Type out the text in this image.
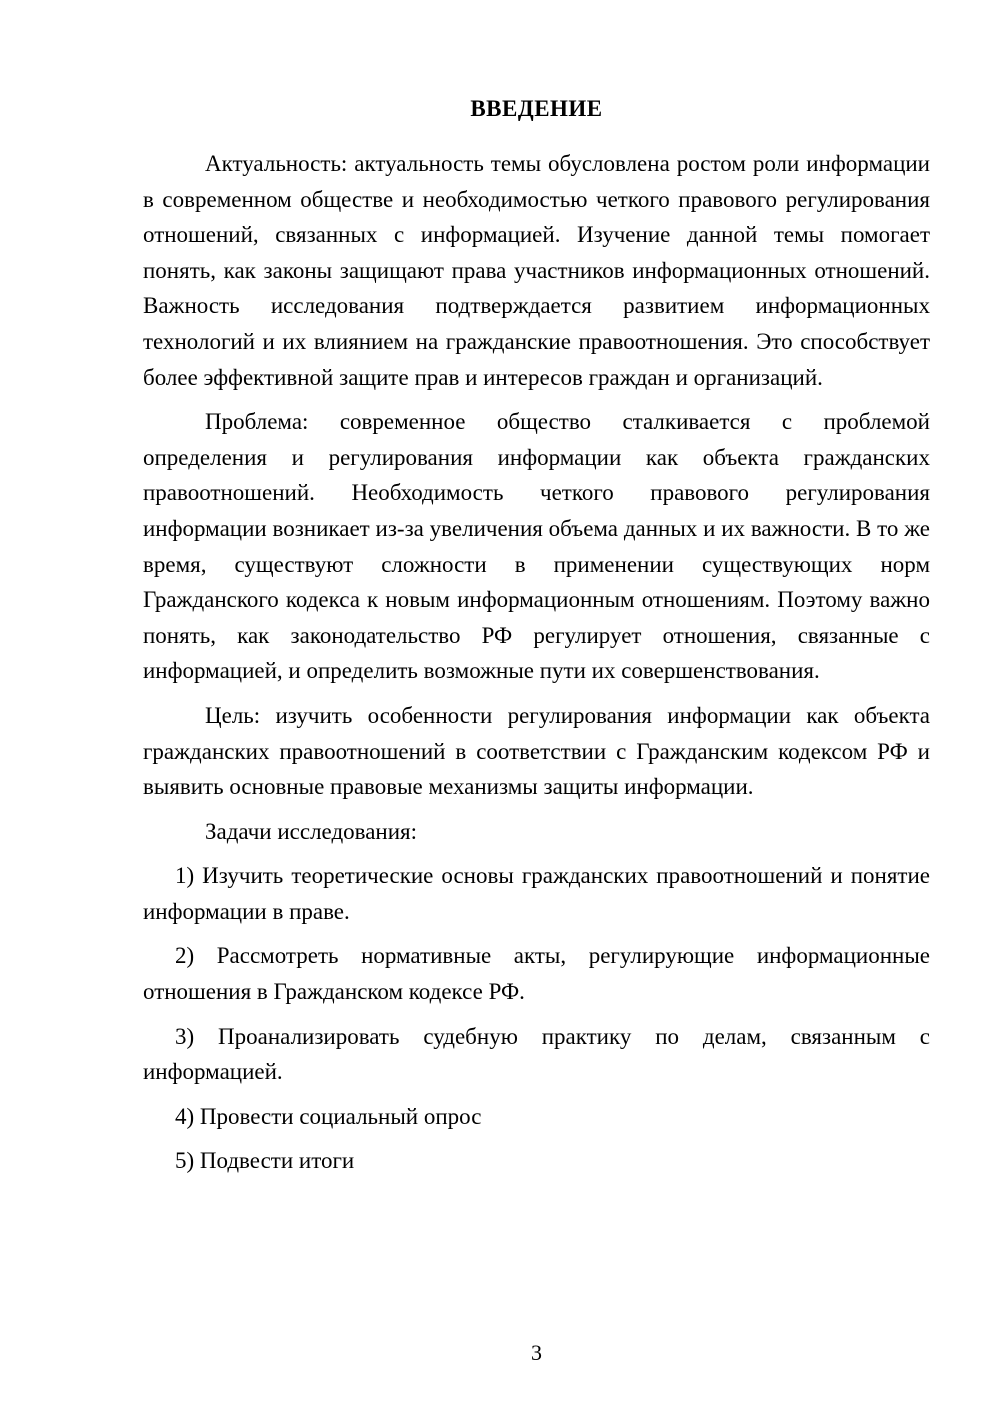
ВВЕДЕНИЕ

Актуальность: актуальность темы обусловлена ростом роли информации в современном обществе и необходимостью четкого правового регулирования отношений, связанных с информацией. Изучение данной темы помогает понять, как законы защищают права участников информационных отношений. Важность исследования подтверждается развитием информационных технологий и их влиянием на гражданские правоотношения. Это способствует более эффективной защите прав и интересов граждан и организаций.

Проблема: современное общество сталкивается с проблемой определения и регулирования информации как объекта гражданских правоотношений. Необходимость четкого правового регулирования информации возникает из-за увеличения объема данных и их важности. В то же время, существуют сложности в применении существующих норм Гражданского кодекса к новым информационным отношениям. Поэтому важно понять, как законодательство РФ регулирует отношения, связанные с информацией, и определить возможные пути их совершенствования.

Цель: изучить особенности регулирования информации как объекта гражданских правоотношений в соответствии с Гражданским кодексом РФ и выявить основные правовые механизмы защиты информации.

Задачи исследования:

1) Изучить теоретические основы гражданских правоотношений и понятие информации в праве.

2) Рассмотреть нормативные акты, регулирующие информационные отношения в Гражданском кодексе РФ.

3) Проанализировать судебную практику по делам, связанным с информацией.

4) Провести социальный опрос

5) Подвести итоги

3
